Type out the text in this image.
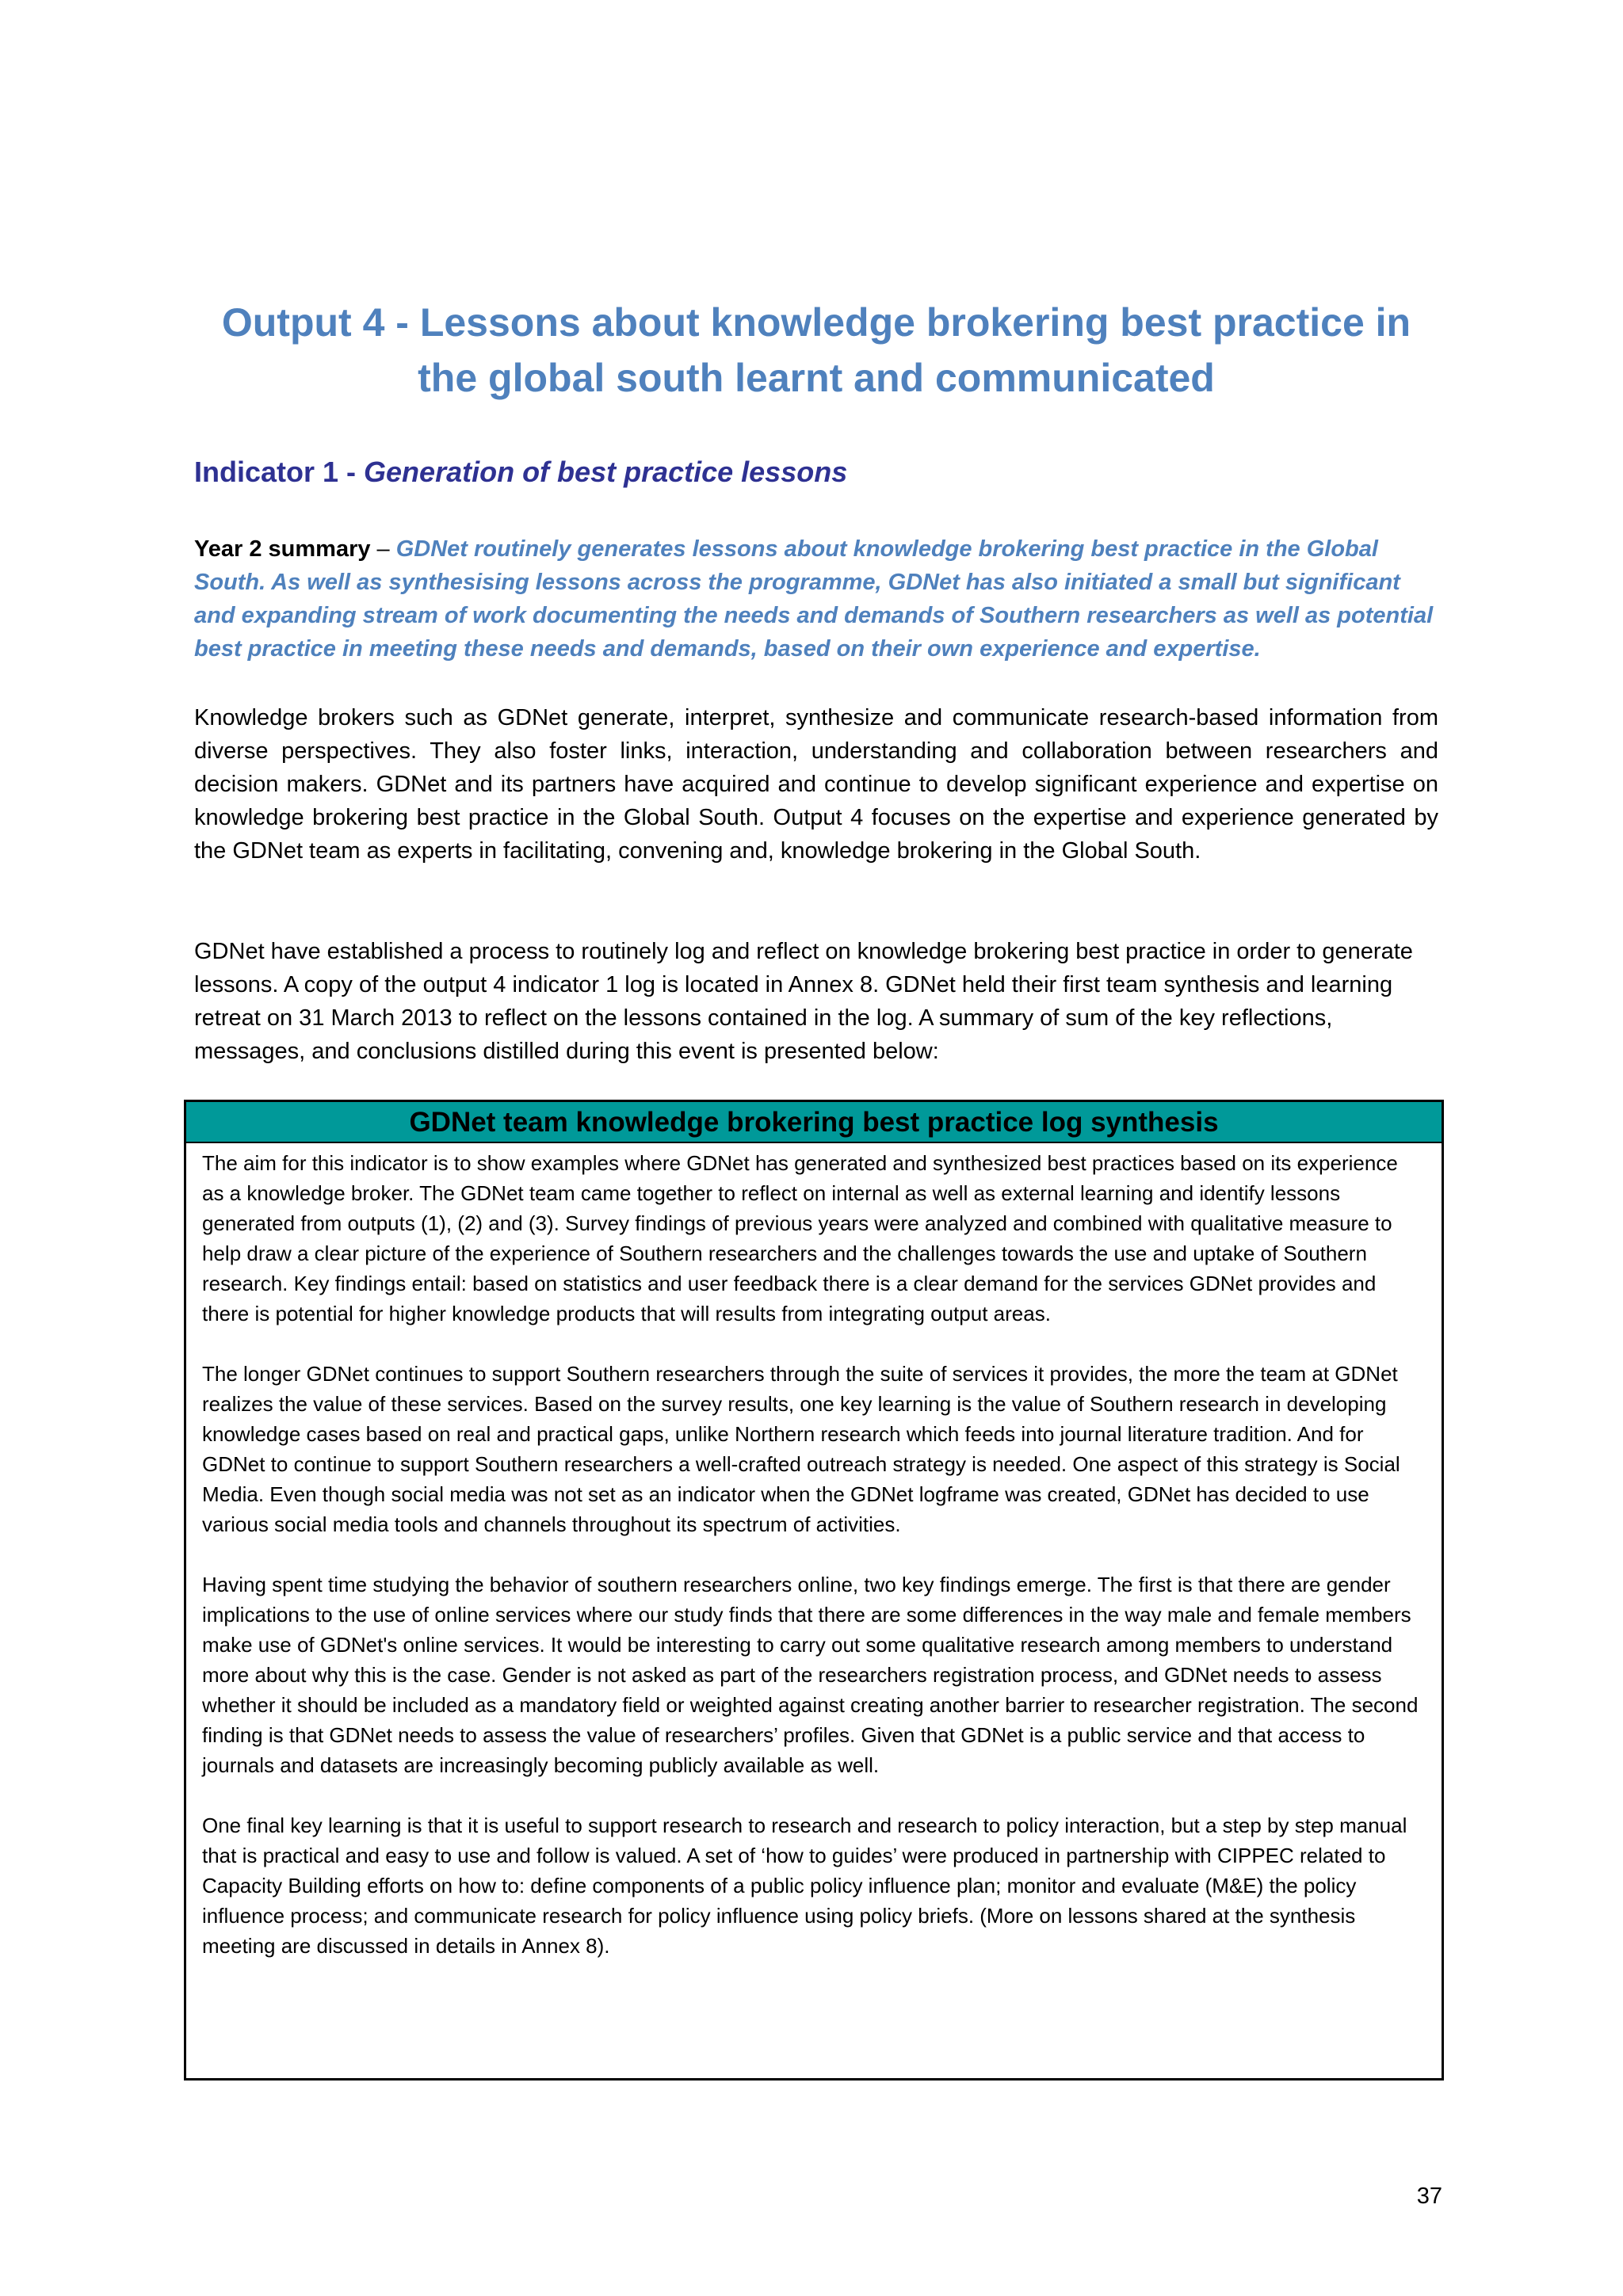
Output 4 - Lessons about knowledge brokering best practice in the global south learnt and communicated
Indicator 1 - Generation of best practice lessons
Year 2 summary – GDNet routinely generates lessons about knowledge brokering best practice in the Global South. As well as synthesising lessons across the programme, GDNet has also initiated a small but significant and expanding stream of work documenting the needs and demands of Southern researchers as well as potential best practice in meeting these needs and demands, based on their own experience and expertise.
Knowledge brokers such as GDNet generate, interpret, synthesize and communicate research-based information from diverse perspectives. They also foster links, interaction, understanding and collaboration between researchers and decision makers. GDNet and its partners have acquired and continue to develop significant experience and expertise on knowledge brokering best practice in the Global South. Output 4 focuses on the expertise and experience generated by the GDNet team as experts in facilitating, convening and, knowledge brokering in the Global South.
GDNet have established a process to routinely log and reflect on knowledge brokering best practice in order to generate lessons. A copy of the output 4 indicator 1 log is located in Annex 8. GDNet held their first team synthesis and learning retreat on 31 March 2013 to reflect on the lessons contained in the log. A summary of sum of the key reflections, messages, and conclusions distilled during this event is presented below:
GDNet team knowledge brokering best practice log synthesis

The aim for this indicator is to show examples where GDNet has generated and synthesized best practices based on its experience as a knowledge broker. The GDNet team came together to reflect on internal as well as external learning and identify lessons generated from outputs (1), (2) and (3). Survey findings of previous years were analyzed and combined with qualitative measure to help draw a clear picture of the experience of Southern researchers and the challenges towards the use and uptake of Southern research. Key findings entail: based on statistics and user feedback there is a clear demand for the services GDNet provides and there is potential for higher knowledge products that will results from integrating output areas.

The longer GDNet continues to support Southern researchers through the suite of services it provides, the more the team at GDNet realizes the value of these services. Based on the survey results, one key learning is the value of Southern research in developing knowledge cases based on real and practical gaps, unlike Northern research which feeds into journal literature tradition. And for GDNet to continue to support Southern researchers a well-crafted outreach strategy is needed. One aspect of this strategy is Social Media. Even though social media was not set as an indicator when the GDNet logframe was created, GDNet has decided to use various social media tools and channels throughout its spectrum of activities.

Having spent time studying the behavior of southern researchers online, two key findings emerge. The first is that there are gender implications to the use of online services where our study finds that there are some differences in the way male and female members make use of GDNet's online services. It would be interesting to carry out some qualitative research among members to understand more about why this is the case. Gender is not asked as part of the researchers registration process, and GDNet needs to assess whether it should be included as a mandatory field or weighted against creating another barrier to researcher registration. The second finding is that GDNet needs to assess the value of researchers’ profiles. Given that GDNet is a public service and that access to journals and datasets are increasingly becoming publicly available as well.

One final key learning is that it is useful to support research to research and research to policy interaction, but a step by step manual that is practical and easy to use and follow is valued. A set of ‘how to guides’ were produced in partnership with CIPPEC related to Capacity Building efforts on how to: define components of a public policy influence plan; monitor and evaluate (M&E) the policy influence process; and communicate research for policy influence using policy briefs. (More on lessons shared at the synthesis meeting are discussed in details in Annex 8).

37
